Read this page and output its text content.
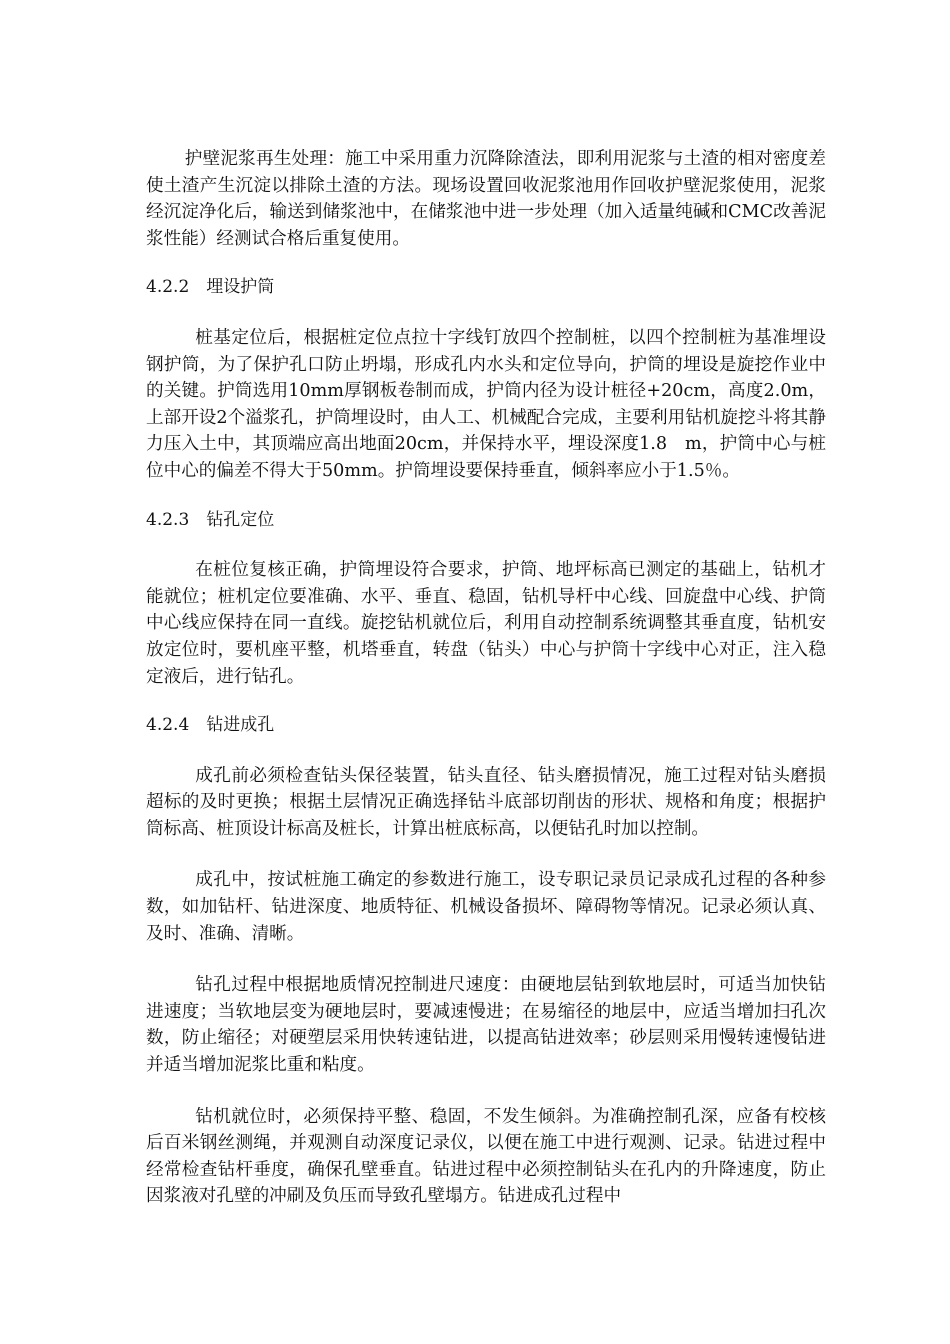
护壁泥浆再生处理：施工中采用重力沉降除渣法，即利用泥浆与土渣的相对密度差使土渣产生沉淀以排除土渣的方法。现场设置回收泥浆池用作回收护壁泥浆使用，泥浆经沉淀净化后，输送到储浆池中，在储浆池中进一步处理（加入适量纯碱和CMC改善泥浆性能）经测试合格后重复使用。

4.2.2　埋设护筒

桩基定位后，根据桩定位点拉十字线钉放四个控制桩，以四个控制桩为基准埋设钢护筒，为了保护孔口防止坍塌，形成孔内水头和定位导向，护筒的埋设是旋挖作业中的关键。护筒选用10mm厚钢板卷制而成，护筒内径为设计桩径+20cm，高度2.0m，上部开设2个溢浆孔，护筒埋设时，由人工、机械配合完成，主要利用钻机旋挖斗将其静力压入土中，其顶端应高出地面20cm，并保持水平，埋设深度1.8　m，护筒中心与桩位中心的偏差不得大于50mm。护筒埋设要保持垂直，倾斜率应小于1.5％。

4.2.3　钻孔定位

在桩位复核正确，护筒埋设符合要求，护筒、地坪标高已测定的基础上，钻机才能就位；桩机定位要准确、水平、垂直、稳固，钻机导杆中心线、回旋盘中心线、护筒中心线应保持在同一直线。旋挖钻机就位后，利用自动控制系统调整其垂直度，钻机安放定位时，要机座平整，机塔垂直，转盘（钻头）中心与护筒十字线中心对正，注入稳定液后，进行钻孔。

4.2.4　钻进成孔

成孔前必须检查钻头保径装置，钻头直径、钻头磨损情况，施工过程对钻头磨损超标的及时更换；根据土层情况正确选择钻斗底部切削齿的形状、规格和角度；根据护筒标高、桩顶设计标高及桩长，计算出桩底标高，以便钻孔时加以控制。

成孔中，按试桩施工确定的参数进行施工，设专职记录员记录成孔过程的各种参数，如加钻杆、钻进深度、地质特征、机械设备损坏、障碍物等情况。记录必须认真、及时、准确、清晰。

钻孔过程中根据地质情况控制进尺速度：由硬地层钻到软地层时，可适当加快钻进速度；当软地层变为硬地层时，要减速慢进；在易缩径的地层中，应适当增加扫孔次数，防止缩径；对硬塑层采用快转速钻进，以提高钻进效率；砂层则采用慢转速慢钻进并适当增加泥浆比重和粘度。

钻机就位时，必须保持平整、稳固，不发生倾斜。为准确控制孔深，应备有校核后百米钢丝测绳，并观测自动深度记录仪，以便在施工中进行观测、记录。钻进过程中经常检查钻杆垂度，确保孔壁垂直。钻进过程中必须控制钻头在孔内的升降速度，防止因浆液对孔壁的冲刷及负压而导致孔壁塌方。钻进成孔过程中
